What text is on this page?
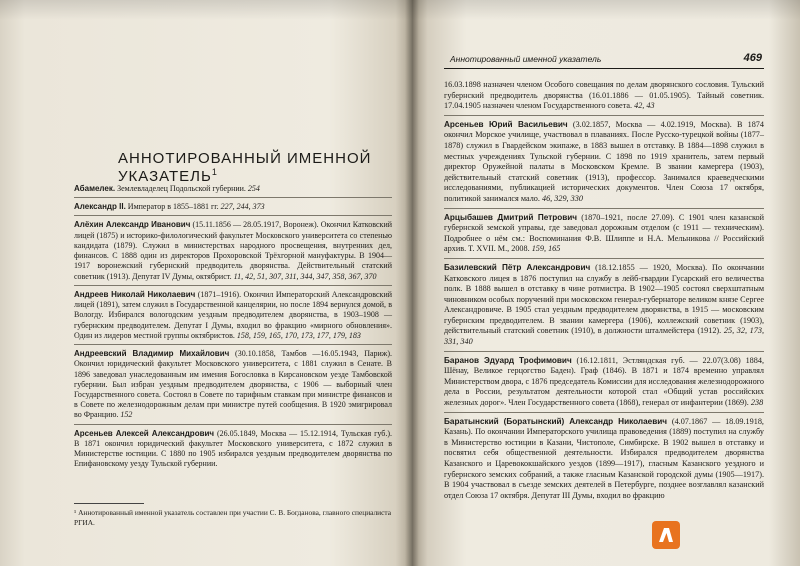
АННОТИРОВАННЫЙ ИМЕННОЙ УКАЗАТЕЛЬ$^1$

Абамелек. Землевладелец Подольской губернии. 254

Александр II. Император в 1855–1881 гг. 227, 244, 373

Алёхин Александр Иванович (15.11.1856 — 28.05.1917, Воронеж). Окончил Катковский лицей (1875) и историко-филологический факультет Московского университета со степенью кандидата (1879). Служил в министерствах народного просвещения, внутренних дел, финансов. С 1888 один из директоров Прохоровской Трёхгорной мануфактуры. В 1904—1917 воронежский губернский предводитель дворянства. Действительный статский советник (1913). Депутат IV Думы, октябрист. 11, 42, 51, 307, 311, 344, 347, 358, 367, 370

Андреев Николай Николаевич (1871–1916). Окончил Императорский Александровский лицей (1891), затем служил в Государственной канцелярии, но после 1894 вернулся домой, в Вологду. Избирался вологодским уездным предводителем дворянства, в 1903–1908 — губернским предводителем. Депутат I Думы, входил во фракцию «мирного обновления». Один из лидеров местной группы октябристов. 158, 159, 165, 170, 173, 177, 179, 183

Андреевский Владимир Михайлович (30.10.1858, Тамбов —16.05.1943, Париж). Окончил юридический факультет Московского университета, с 1881 служил в Сенате. В 1896 заведовал унаследованным им имения Богословка в Кирсановском уезде Тамбовской губернии. Был избран уездным предводителем дворянства, с 1906 — выборный член Государственного совета. Состоял в Совете по тарифным ставкам при министре финансов и в Совете по железнодорожным делам при министре путей сообщения. В 1920 эмигрировал во Францию. 152

Арсеньев Алексей Александрович (26.05.1849, Москва — 15.12.1914, Тульская губ.). В 1871 окончил юридический факультет Московского университета, с 1872 служил в Министерстве юстиции. С 1880 по 1905 избирался уездным предводителем дворянства по Епифановскому уезду Тульской губернии.

¹ Аннотированный именной указатель составлен при участии С. В. Богданова, главного специалиста РГИА.
Аннотированный именной указатель	469

16.03.1898 назначен членом Особого совещания по делам дворянского сословия. Тульский губернский предводитель дворянства (16.01.1886 — 01.05.1905). Тайный советник. 17.04.1905 назначен членом Государственного совета. 42, 43

Арсеньев Юрий Васильевич (3.02.1857, Москва — 4.02.1919, Москва). В 1874 окончил Морское училище, участвовал в плаваниях. После Русско-турецкой войны (1877–1878) служил в Гвардейском экипаже, в 1883 вышел в отставку. В 1884—1898 служил в местных учреждениях Тульской губернии. С 1898 по 1919 хранитель, затем первый директор Оружейной палаты в Московском Кремле. В звании камергера (1903), действительный статский советник (1913), профессор. Занимался краеведческими исследованиями, публикацией исторических документов. Член Союза 17 октября, политикой занимался мало. 46, 329, 330

Арцыбашев Дмитрий Петрович (1870–1921, после 27.09). С 1901 член казанской губернской земской управы, где заведовал дорожным отделом (с 1911 — техническим). Подробнее о нём см.: Воспоминания Ф.В. Шлиппе и Н.А. Мельникова // Российский архив. Т. XVII. М., 2008. 159, 165

Базилевский Пётр Александрович (18.12.1855 — 1920, Москва). По окончании Катковского лицея в 1876 поступил на службу в лейб-гвардии Гусарский его величества полк. В 1888 вышел в отставку в чине ротмистра. В 1902—1905 состоял сверхштатным чиновником особых поручений при московском генерал-губернаторе великом князе Сергее Александровиче. В 1905 стал уездным предводителем дворянства, в 1915 — московским губернским предводителем. В звании камергера (1906), коллежский советник (1903), действительный статский советник (1910), в должности шталмейстера (1912). 25, 32, 173, 331, 340

Баранов Эдуард Трофимович (16.12.1811, Эстляндская губ. — 22.07(3.08) 1884, Шёнау, Великое герцогство Баден). Граф (1846). В 1871 и 1874 временно управлял Министерством двора, с 1876 председатель Комиссии для исследования железнодорожного дела в России, результатом деятельности которой стал «Общий устав российских железных дорог». Член Государственного совета (1868), генерал от инфантерии (1869). 238

Баратынский (Боратынский) Александр Николаевич (4.07.1867 — 18.09.1918, Казань). По окончании Императорского училища правоведения (1889) поступил на службу в Министерство юстиции в Казани, Чистополе, Симбирске. В 1902 вышел в отставку и посвятил себя общественной деятельности. Избирался предводителем дворянства Казанского и Царевококшайского уездов (1899—1917), гласным Казанского уездного и губернского земских собраний, а также гласным Казанской городской думы (1905—1917). В 1904 участвовал в съезде земских деятелей в Петербурге, позднее возглавлял казанский отдел Союза 17 октября. Депутат III Думы, входил во фракцию
